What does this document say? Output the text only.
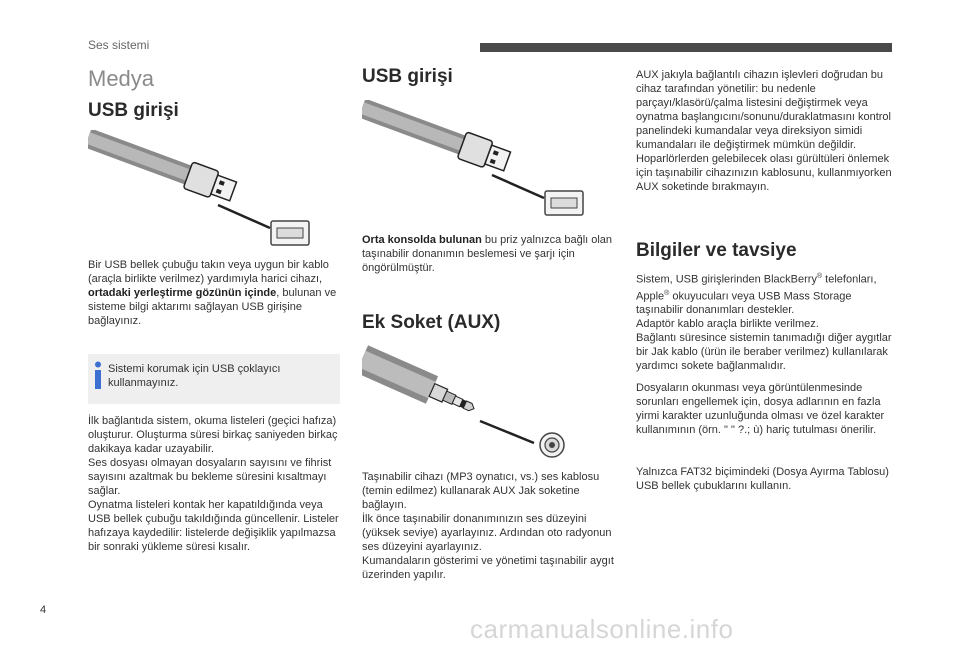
Ses sistemi
Medya
USB girişi

Bir USB bellek çubuğu takın veya uygun bir kablo (araçla birlikte verilmez) yardımıyla harici cihazı, ortadaki yerleştirme gözünün içinde, bulunan ve sisteme bilgi aktarımı sağlayan USB girişine bağlayınız.

Sistemi korumak için USB çoklayıcı kullanmayınız.

İlk bağlantıda sistem, okuma listeleri (geçici hafıza) oluşturur. Oluşturma süresi birkaç saniyeden birkaç dakikaya kadar uzayabilir.
Ses dosyası olmayan dosyaların sayısını ve fihrist sayısını azaltmak bu bekleme süresini kısaltmayı sağlar.
Oynatma listeleri kontak her kapatıldığında veya USB bellek çubuğu takıldığında güncellenir. Listeler hafızaya kaydedilir: listelerde değişiklik yapılmazsa bir sonraki yükleme süresi kısalır.

USB girişi

Orta konsolda bulunan bu priz yalnızca bağlı olan taşınabilir donanımın beslemesi ve şarjı için öngörülmüştür.

Ek Soket (AUX)

Taşınabilir cihazı (MP3 oynatıcı, vs.) ses kablosu (temin edilmez) kullanarak AUX Jak soketine bağlayın.
İlk önce taşınabilir donanımınızın ses düzeyini (yüksek seviye) ayarlayınız. Ardından oto radyonun ses düzeyini ayarlayınız.
Kumandaların gösterimi ve yönetimi taşınabilir aygıt üzerinden yapılır.

AUX jakıyla bağlantılı cihazın işlevleri doğrudan bu cihaz tarafından yönetilir: bu nedenle parçayı/klasörü/çalma listesini değiştirmek veya oynatma başlangıcını/sonunu/duraklatmasını kontrol panelindeki kumandalar veya direksiyon simidi kumandaları ile değiştirmek mümkün değildir.
Hoparlörlerden gelebilecek olası gürültüleri önlemek için taşınabilir cihazınızın kablosunu, kullanmıyorken AUX soketinde bırakmayın.

Bilgiler ve tavsiye

Sistem, USB girişlerinden BlackBerry® telefonları, Apple® okuyucuları veya USB Mass Storage taşınabilir donanımları destekler.
Adaptör kablo araçla birlikte verilmez.
Bağlantı süresince sistemin tanımadığı diğer aygıtlar bir Jak kablo (ürün ile beraber verilmez) kullanılarak yardımcı sokete bağlanmalıdır.

Dosyaların okunması veya görüntülenmesinde sorunları engellemek için, dosya adlarının en fazla yirmi karakter uzunluğunda olması ve özel karakter kullanımının (örn. " " ?.; ù) hariç tutulması önerilir.

Yalnızca FAT32 biçimindeki (Dosya Ayırma Tablosu) USB bellek çubuklarını kullanın.

4
carmanualsonline.info
